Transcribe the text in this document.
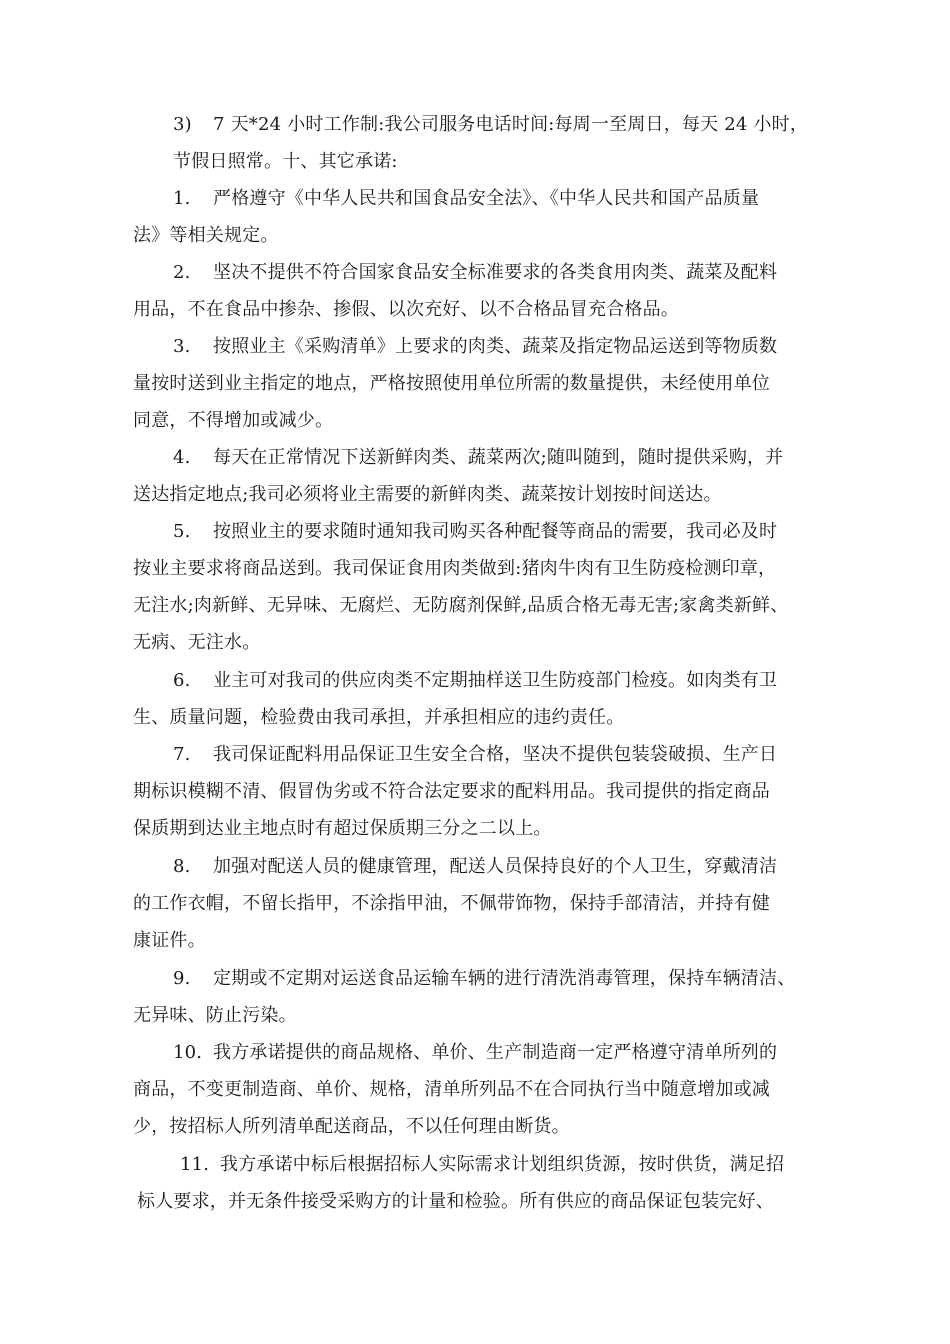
3) 7 天*24 小时工作制:我公司服务电话时间:每周一至周日，每天 24 小时，
节假日照常。十、其它承诺:
1. 严格遵守《中华人民共和国食品安全法》、《中华人民共和国产品质量
法》等相关规定。
2. 坚决不提供不符合国家食品安全标准要求的各类食用肉类、蔬菜及配料
用品，不在食品中掺杂、掺假、以次充好、以不合格品冒充合格品。
3. 按照业主《采购清单》上要求的肉类、蔬菜及指定物品运送到等物质数
量按时送到业主指定的地点，严格按照使用单位所需的数量提供，未经使用单位
同意，不得增加或减少。
4. 每天在正常情况下送新鲜肉类、蔬菜两次;随叫随到，随时提供采购，并
送达指定地点;我司必须将业主需要的新鲜肉类、蔬菜按计划按时间送达。
5. 按照业主的要求随时通知我司购买各种配餐等商品的需要，我司必及时
按业主要求将商品送到。我司保证食用肉类做到:猪肉牛肉有卫生防疫检测印章，
无注水;肉新鲜、无异味、无腐烂、无防腐剂保鲜,品质合格无毒无害;家禽类新鲜、
无病、无注水。
6. 业主可对我司的供应肉类不定期抽样送卫生防疫部门检疫。如肉类有卫
生、质量问题，检验费由我司承担，并承担相应的违约责任。
7. 我司保证配料用品保证卫生安全合格，坚决不提供包装袋破损、生产日
期标识模糊不清、假冒伪劣或不符合法定要求的配料用品。我司提供的指定商品
保质期到达业主地点时有超过保质期三分之二以上。
8. 加强对配送人员的健康管理，配送人员保持良好的个人卫生，穿戴清洁
的工作衣帽，不留长指甲，不涂指甲油，不佩带饰物，保持手部清洁，并持有健
康证件。
9. 定期或不定期对运送食品运输车辆的进行清洗消毒管理，保持车辆清洁、
无异味、防止污染。
10. 我方承诺提供的商品规格、单价、生产制造商一定严格遵守清单所列的
商品，不变更制造商、单价、规格，清单所列品不在合同执行当中随意增加或减
少，按招标人所列清单配送商品，不以任何理由断货。
11. 我方承诺中标后根据招标人实际需求计划组织货源，按时供货，满足招
标人要求，并无条件接受采购方的计量和检验。所有供应的商品保证包装完好、
